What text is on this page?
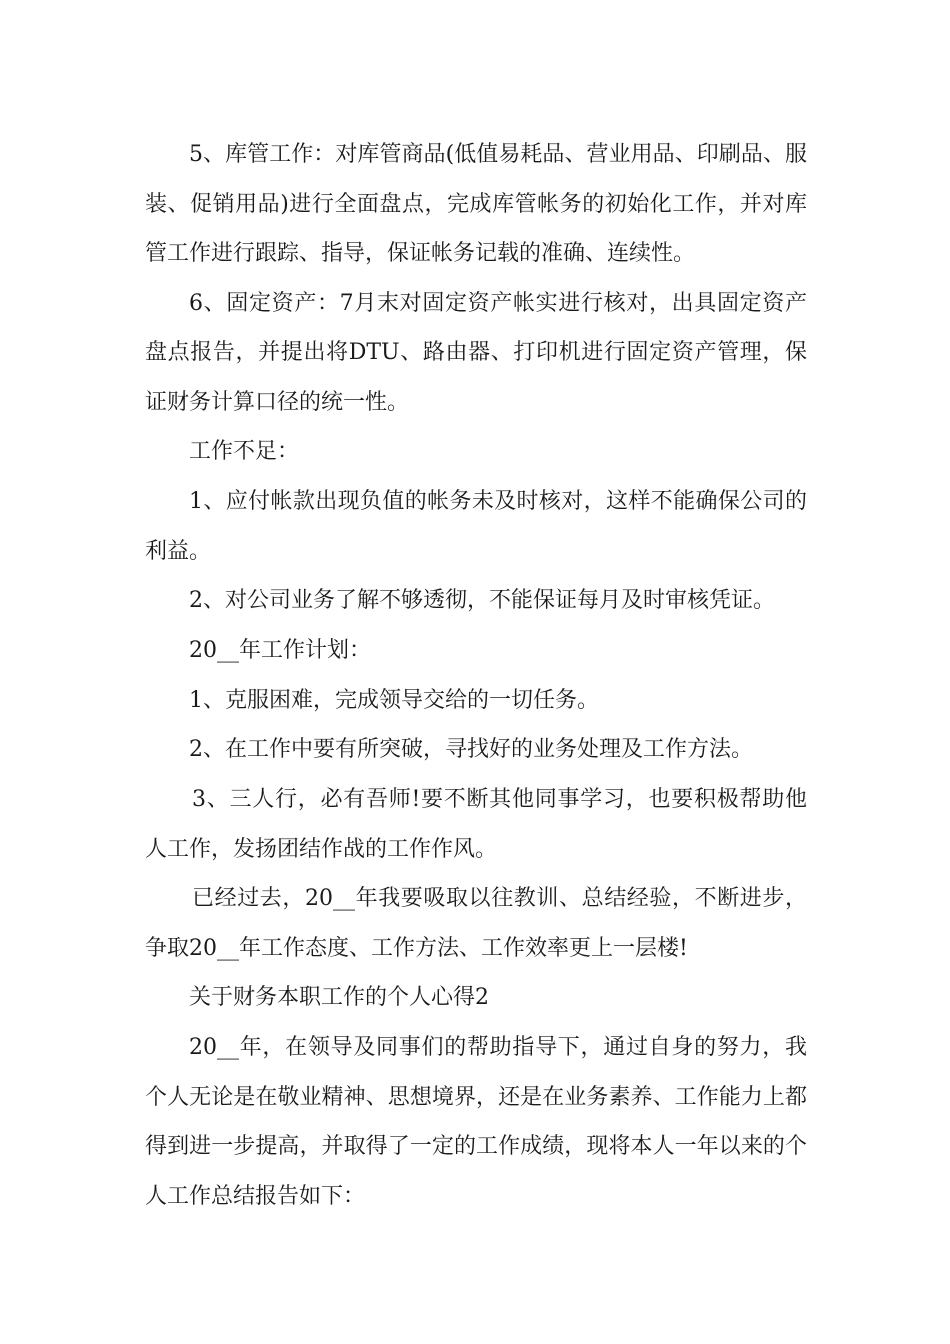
5、库管工作：对库管商品(低值易耗品、营业用品、印刷品、服装、促销用品)进行全面盘点，完成库管帐务的初始化工作，并对库管工作进行跟踪、指导，保证帐务记载的准确、连续性。

6、固定资产：7月末对固定资产帐实进行核对，出具固定资产盘点报告，并提出将DTU、路由器、打印机进行固定资产管理，保证财务计算口径的统一性。

工作不足：

1、应付帐款出现负值的帐务未及时核对，这样不能确保公司的利益。

2、对公司业务了解不够透彻，不能保证每月及时审核凭证。

20__年工作计划：

1、克服困难，完成领导交给的一切任务。

2、在工作中要有所突破，寻找好的业务处理及工作方法。

3、三人行，必有吾师!要不断其他同事学习，也要积极帮助他人工作，发扬团结作战的工作作风。

已经过去，20__年我要吸取以往教训、总结经验，不断进步，争取20__年工作态度、工作方法、工作效率更上一层楼!

关于财务本职工作的个人心得2

20__年，在领导及同事们的帮助指导下，通过自身的努力，我个人无论是在敬业精神、思想境界，还是在业务素养、工作能力上都得到进一步提高，并取得了一定的工作成绩，现将本人一年以来的个人工作总结报告如下：
